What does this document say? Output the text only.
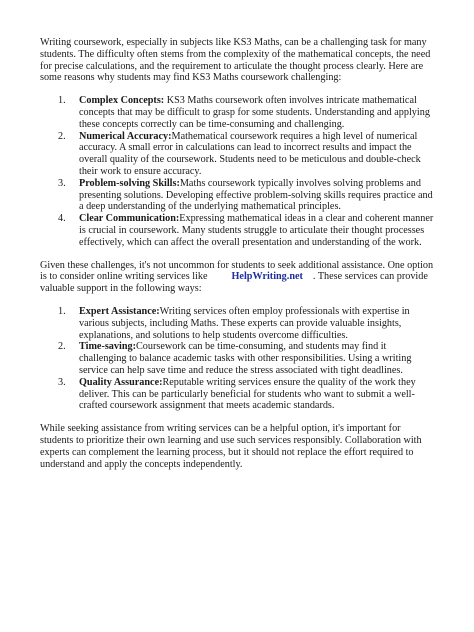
Writing coursework, especially in subjects like KS3 Maths, can be a challenging task for many students. The difficulty often stems from the complexity of the mathematical concepts, the need for precise calculations, and the requirement to articulate the thought process clearly. Here are some reasons why students may find KS3 Maths coursework challenging:

1. Complex Concepts: KS3 Maths coursework often involves intricate mathematical concepts that may be difficult to grasp for some students. Understanding and applying these concepts correctly can be time-consuming and challenging.
2. Numerical Accuracy:Mathematical coursework requires a high level of numerical accuracy. A small error in calculations can lead to incorrect results and impact the overall quality of the coursework. Students need to be meticulous and double-check their work to ensure accuracy.
3. Problem-solving Skills:Maths coursework typically involves solving problems and presenting solutions. Developing effective problem-solving skills requires practice and a deep understanding of the underlying mathematical principles.
4. Clear Communication:Expressing mathematical ideas in a clear and coherent manner is crucial in coursework. Many students struggle to articulate their thought processes effectively, which can affect the overall presentation and understanding of the work.

Given these challenges, it's not uncommon for students to seek additional assistance. One option is to consider online writing services like HelpWriting.net . These services can provide valuable support in the following ways:

1. Expert Assistance:Writing services often employ professionals with expertise in various subjects, including Maths. These experts can provide valuable insights, explanations, and solutions to help students overcome difficulties.
2. Time-saving:Coursework can be time-consuming, and students may find it challenging to balance academic tasks with other responsibilities. Using a writing service can help save time and reduce the stress associated with tight deadlines.
3. Quality Assurance:Reputable writing services ensure the quality of the work they deliver. This can be particularly beneficial for students who want to submit a well-crafted coursework assignment that meets academic standards.

While seeking assistance from writing services can be a helpful option, it's important for students to prioritize their own learning and use such services responsibly. Collaboration with experts can complement the learning process, but it should not replace the effort required to understand and apply the concepts independently.
